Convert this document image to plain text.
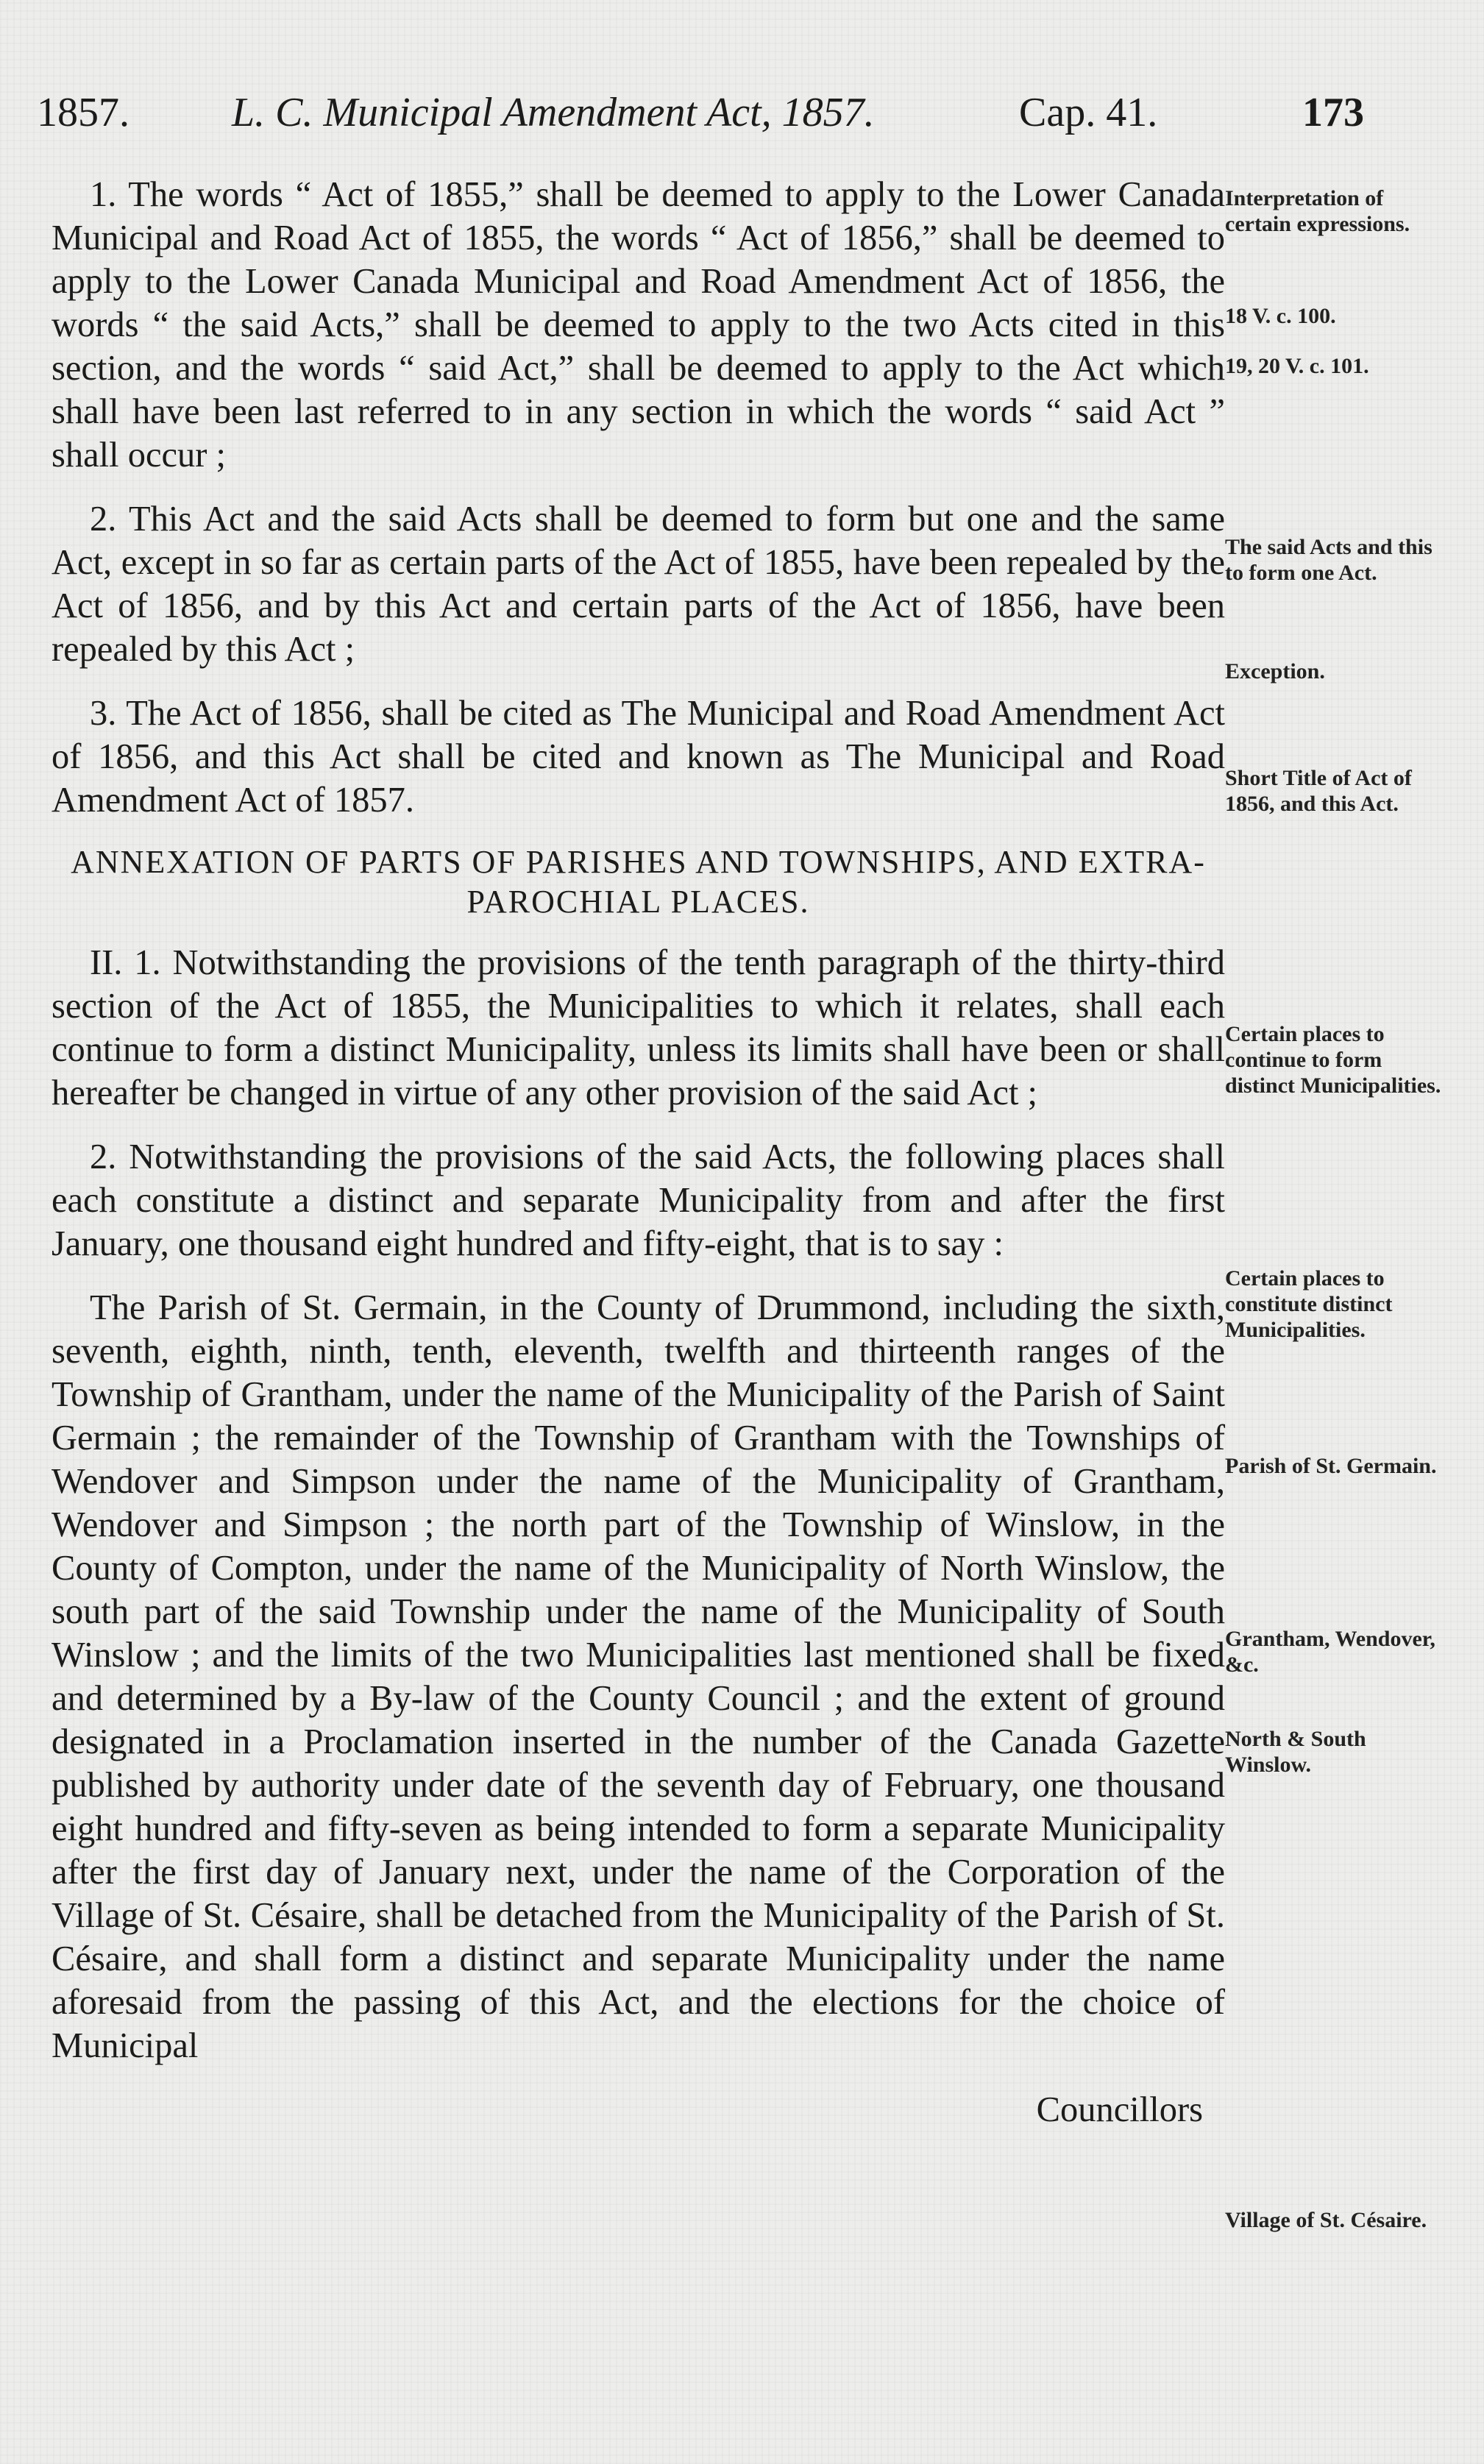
1857. L. C. Municipal Amendment Act, 1857.	Cap. 41.	173

1. The words “ Act of 1855,” shall be deemed to apply to the Lower Canada Municipal and Road Act of 1855, the words “ Act of 1856,” shall be deemed to apply to the Lower Canada Municipal and Road Amendment Act of 1856, the words “ the said Acts,” shall be deemed to apply to the two Acts cited in this section, and the words “ said Act,” shall be deemed to apply to the Act which shall have been last referred to in any section in which the words “ said Act ” shall occur ;

2. This Act and the said Acts shall be deemed to form but one and the same Act, except in so far as certain parts of the Act of 1855, have been repealed by the Act of 1856, and by this Act and certain parts of the Act of 1856, have been repealed by this Act ;

3. The Act of 1856, shall be cited as The Municipal and Road Amendment Act of 1856, and this Act shall be cited and known as The Municipal and Road Amendment Act of 1857.

ANNEXATION OF PARTS OF PARISHES AND TOWNSHIPS, AND EXTRA-PAROCHIAL PLACES.

II. 1. Notwithstanding the provisions of the tenth paragraph of the thirty-third section of the Act of 1855, the Municipalities to which it relates, shall each continue to form a distinct Municipality, unless its limits shall have been or shall hereafter be changed in virtue of any other provision of the said Act ;

2. Notwithstanding the provisions of the said Acts, the following places shall each constitute a distinct and separate Municipality from and after the first January, one thousand eight hundred and fifty-eight, that is to say :

The Parish of St. Germain, in the County of Drummond, including the sixth, seventh, eighth, ninth, tenth, eleventh, twelfth and thirteenth ranges of the Township of Grantham, under the name of the Municipality of the Parish of Saint Germain ; the remainder of the Township of Grantham with the Townships of Wendover and Simpson under the name of the Municipality of Grantham, Wendover and Simpson ; the north part of the Township of Winslow, in the County of Compton, under the name of the Municipality of North Winslow, the south part of the said Township under the name of the Municipality of South Winslow ; and the limits of the two Municipalities last mentioned shall be fixed and determined by a By-law of the County Council ; and the extent of ground designated in a Proclamation inserted in the number of the Canada Gazette published by authority under date of the seventh day of February, one thousand eight hundred and fifty-seven as being intended to form a separate Municipality after the first day of January next, under the name of the Corporation of the Village of St. Césaire, shall be detached from the Municipality of the Parish of St. Césaire, and shall form a distinct and separate Municipality under the name aforesaid from the passing of this Act, and the elections for the choice of Municipal

Councillors
Interpretation of certain expressions.
18 V. c. 100.
19, 20 V. c. 101.
The said Acts and this to form one Act.
Exception.
Short Title of Act of 1856, and this Act.
Certain places to continue to form distinct Municipalities.
Certain places to constitute distinct Municipalities.
Parish of St. Germain.
Grantham, Wendover, &c.
North & South Winslow.
Village of St. Césaire.
